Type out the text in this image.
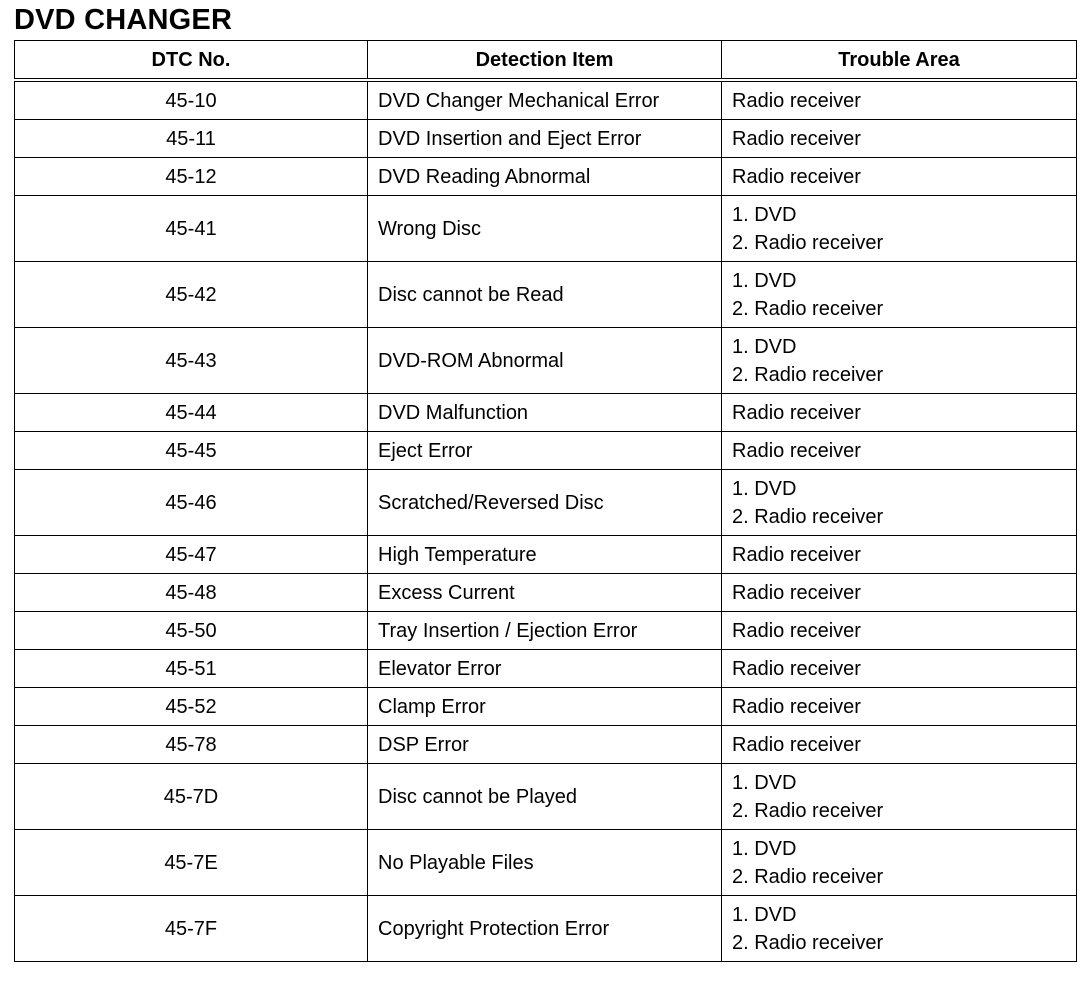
DVD CHANGER
DTC No.	Detection Item	Trouble Area
45-10	DVD Changer Mechanical Error	Radio receiver

45-11	DVD Insertion and Eject Error	Radio receiver

45-12	DVD Reading Abnormal	Radio receiver

45-41	Wrong Disc	1. DVD
2. Radio receiver

45-42	Disc cannot be Read	1. DVD
2. Radio receiver

45-43	DVD-ROM Abnormal	1. DVD
2. Radio receiver

45-44	DVD Malfunction	Radio receiver

45-45	Eject Error	Radio receiver

45-46	Scratched/Reversed Disc	1. DVD
2. Radio receiver

45-47	High Temperature	Radio receiver

45-48	Excess Current	Radio receiver

45-50	Tray Insertion / Ejection Error	Radio receiver

45-51	Elevator Error	Radio receiver

45-52	Clamp Error	Radio receiver

45-78	DSP Error	Radio receiver

45-7D	Disc cannot be Played	1. DVD
2. Radio receiver

45-7E	No Playable Files	1. DVD
2. Radio receiver

45-7F	Copyright Protection Error	1. DVD
2. Radio receiver
